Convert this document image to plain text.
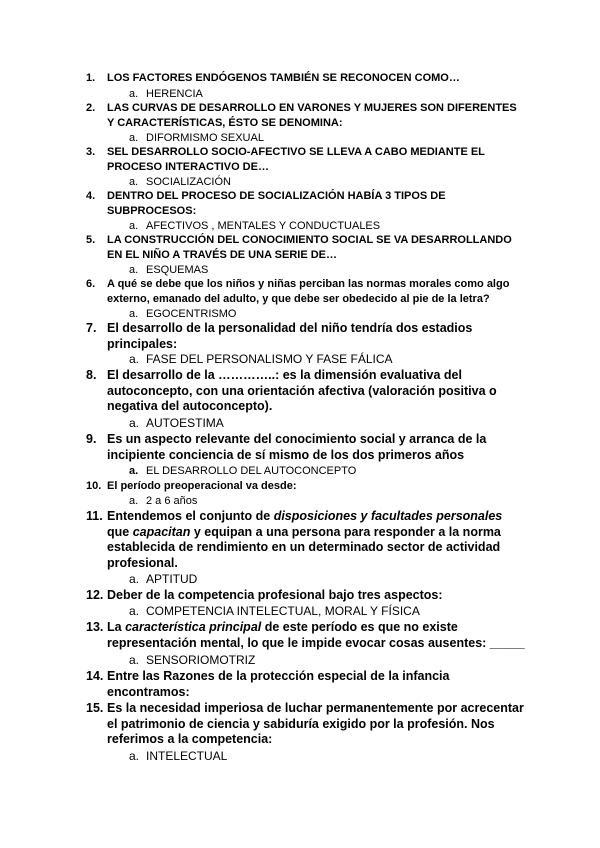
1.	LOS FACTORES ENDÓGENOS TAMBIÉN SE RECONOCEN COMO…
a. HERENCIA
2.	LAS CURVAS DE DESARROLLO EN VARONES Y MUJERES SON DIFERENTES Y CARACTERÍSTICAS, ÉSTO SE DENOMINA:
a. DIFORMISMO SEXUAL
3.	SEL DESARROLLO SOCIO-AFECTIVO SE LLEVA A CABO MEDIANTE EL PROCESO INTERACTIVO DE…
a. SOCIALIZACIÓN
4.	DENTRO DEL PROCESO DE SOCIALIZACIÓN HABÍA 3 TIPOS DE SUBPROCESOS:
a. AFECTIVOS , MENTALES Y CONDUCTUALES
5.	LA CONSTRUCCIÓN DEL CONOCIMIENTO SOCIAL SE VA DESARROLLANDO EN EL NIÑO A TRAVÉS DE UNA SERIE DE…
a. ESQUEMAS
6.	A qué se debe que los niños y niñas perciban las normas morales como algo externo, emanado del adulto, y que debe ser obedecido al pie de la letra?
a. EGOCENTRISMO
7. El desarrollo de la personalidad del niño tendría dos estadios principales:
a. FASE DEL PERSONALISMO Y FASE FÁLICA
8. El desarrollo de la …………..: es la dimensión evaluativa del autoconcepto, con una orientación afectiva (valoración positiva o negativa del autoconcepto).
a. AUTOESTIMA
9. Es un aspecto relevante del conocimiento social y arranca de la incipiente conciencia de sí mismo de los dos primeros años
a. EL DESARROLLO DEL AUTOCONCEPTO
10. El período preoperacional va desde:
a. 2 a 6 años
11. Entendemos el conjunto de disposiciones y facultades personales que capacitan y equipan a una persona para responder a la norma establecida de rendimiento en un determinado sector de actividad profesional.
a. APTITUD
12. Deber de la competencia profesional bajo tres aspectos:
a. COMPETENCIA INTELECTUAL, MORAL Y FÍSICA
13. La característica principal de este período es que no existe representación mental, lo que le impide evocar cosas ausentes: _____
a. SENSORIOMOTRIZ
14. Entre las Razones de la protección especial de la infancia encontramos:
15. Es la necesidad imperiosa de luchar permanentemente por acrecentar el patrimonio de ciencia y sabiduría exigido por la profesión. Nos referimos a la competencia:
a. INTELECTUAL
